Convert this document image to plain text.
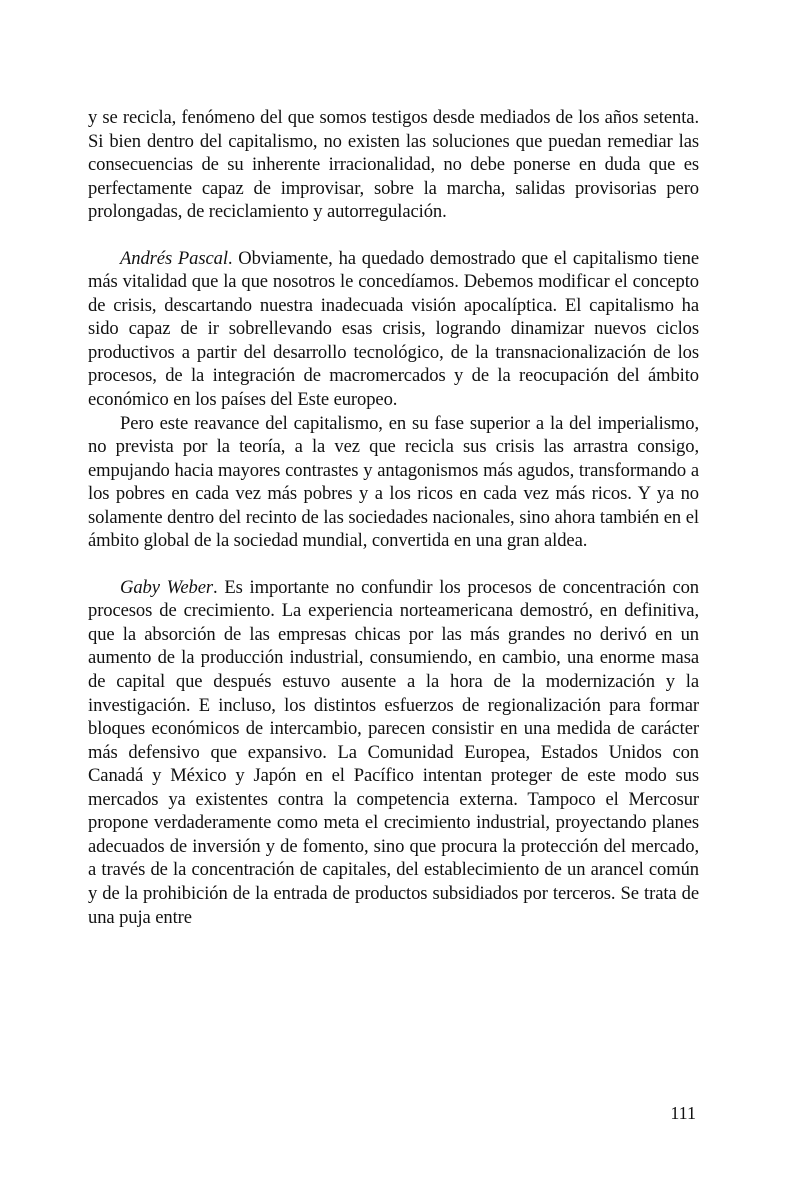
y se recicla, fenómeno del que somos testigos desde mediados de los años setenta. Si bien dentro del capitalismo, no existen las soluciones que puedan remediar las consecuencias de su inherente irracionalidad, no debe ponerse en duda que es perfectamente capaz de improvisar, sobre la marcha, salidas provisorias pero prolongadas, de reciclamiento y autorregulación.

Andrés Pascal. Obviamente, ha quedado demostrado que el capitalismo tiene más vitalidad que la que nosotros le concedíamos. Debemos modificar el concepto de crisis, descartando nuestra inadecuada visión apocalíptica. El capitalismo ha sido capaz de ir sobrellevando esas crisis, logrando dinamizar nuevos ciclos productivos a partir del desarrollo tecnológico, de la transnacionalización de los procesos, de la integración de macromercados y de la reocupación del ámbito económico en los países del Este europeo.

Pero este reavance del capitalismo, en su fase superior a la del imperialismo, no prevista por la teoría, a la vez que recicla sus crisis las arrastra consigo, empujando hacia mayores contrastes y antagonismos más agudos, transformando a los pobres en cada vez más pobres y a los ricos en cada vez más ricos. Y ya no solamente dentro del recinto de las sociedades nacionales, sino ahora también en el ámbito global de la sociedad mundial, convertida en una gran aldea.

Gaby Weber. Es importante no confundir los procesos de concentración con procesos de crecimiento. La experiencia norteamericana demostró, en definitiva, que la absorción de las empresas chicas por las más grandes no derivó en un aumento de la producción industrial, consumiendo, en cambio, una enorme masa de capital que después estuvo ausente a la hora de la modernización y la investigación. E incluso, los distintos esfuerzos de regionalización para formar bloques económicos de intercambio, parecen consistir en una medida de carácter más defensivo que expansivo. La Comunidad Europea, Estados Unidos con Canadá y México y Japón en el Pacífico intentan proteger de este modo sus mercados ya existentes contra la competencia externa. Tampoco el Mercosur propone verdaderamente como meta el crecimiento industrial, proyectando planes adecuados de inversión y de fomento, sino que procura la protección del mercado, a través de la concentración de capitales, del establecimiento de un arancel común y de la prohibición de la entrada de productos subsidiados por terceros. Se trata de una puja entre

111
